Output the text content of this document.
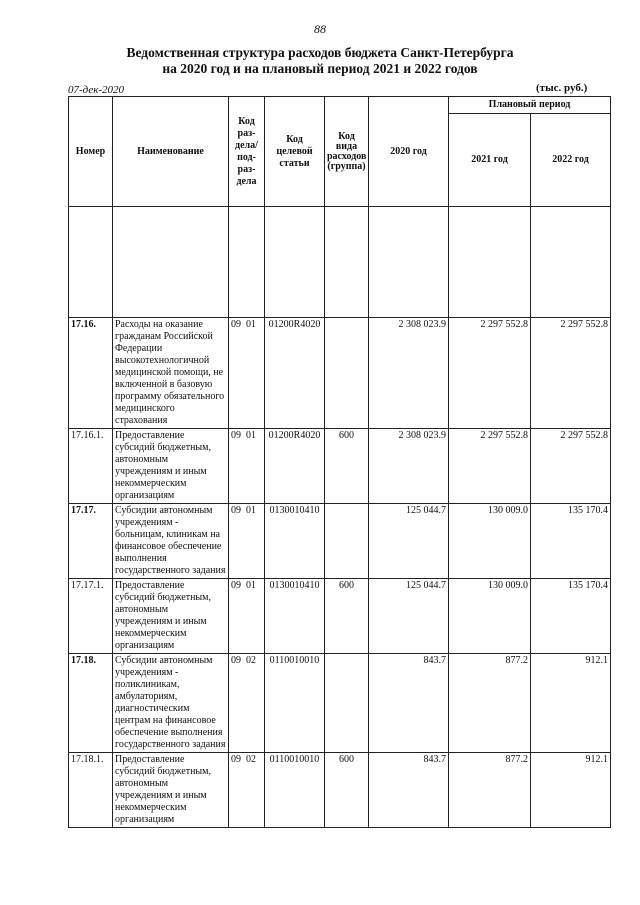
88
Ведомственная структура расходов бюджета Санкт-Петербурга
на 2020 год и на плановый период 2021 и 2022 годов
07-дек-2020	(тыс. руб.)
Номер	Наименование	Код раз-дела/ под-раз-дела	Код целевой статьи	Код вида расходов (группа)	2020 год	Плановый период	
						2021 год	2022 год

17.16.	Расходы на оказание гражданам Российской Федерации высокотехнологичной медицинской помощи, не включенной в базовую программу обязательного медицинского страхования	09 01	01200R4020		2 308 023.9	2 297 552.8	2 297 552.8
17.16.1.	Предоставление субсидий бюджетным, автономным учреждениям и иным некоммерческим организациям	09 01	01200R4020	600	2 308 023.9	2 297 552.8	2 297 552.8
17.17.	Субсидии автономным учреждениям - больницам, клиникам на финансовое обеспечение выполнения государственного задания	09 01	0130010410		125 044.7	130 009.0	135 170.4
17.17.1.	Предоставление субсидий бюджетным, автономным учреждениям и иным некоммерческим организациям	09 01	0130010410	600	125 044.7	130 009.0	135 170.4
17.18.	Субсидии автономным учреждениям - поликлиникам, амбулаториям, диагностическим центрам на финансовое обеспечение выполнения государственного задания	09 02	0110010010		843.7	877.2	912.1
17.18.1.	Предоставление субсидий бюджетным, автономным учреждениям и иным некоммерческим организациям	09 02	0110010010	600	843.7	877.2	912.1
